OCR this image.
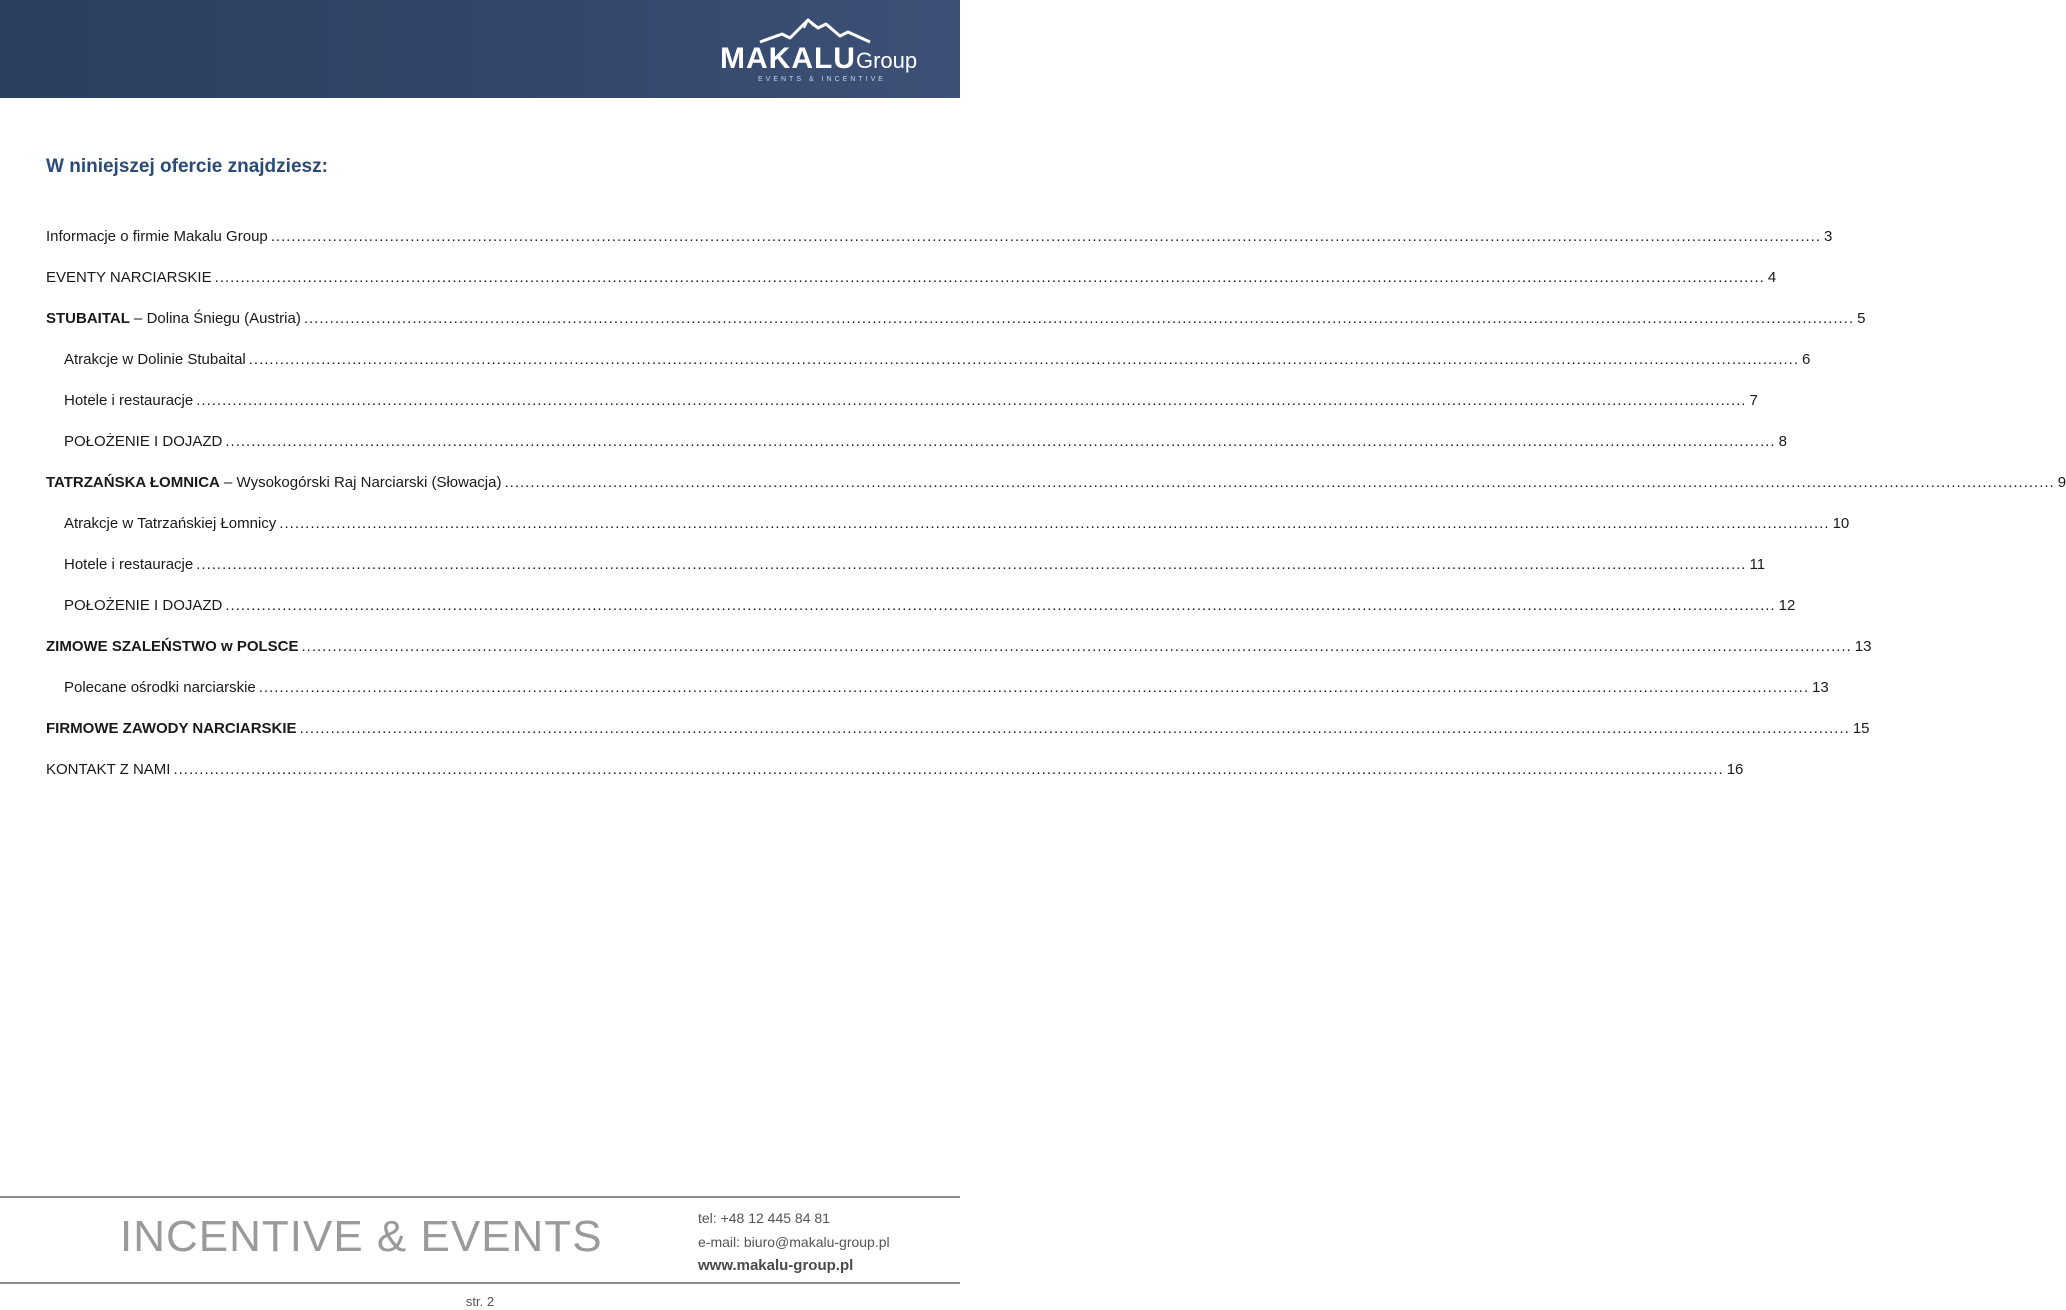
MAKALUGroup
EVENTS & INCENTIVE
W niniejszej ofercie znajdziesz:
Informacje o firmie Makalu Group ............................................................................................................................................................................................................................................................................................................ 3
EVENTY NARCIARSKIE ............................................................................................................................................................................................................................................................................................................ 4
STUBAITAL – Dolina Śniegu (Austria) ............................................................................................................................................................................................................................................................................................................ 5
Atrakcje w Dolinie Stubaital ............................................................................................................................................................................................................................................................................................................ 6
Hotele i restauracje ............................................................................................................................................................................................................................................................................................................ 7
POŁOŻENIE I DOJAZD ............................................................................................................................................................................................................................................................................................................ 8
TATRZAŃSKA ŁOMNICA – Wysokogórski Raj Narciarski (Słowacja) ............................................................................................................................................................................................................................................................................................................ 9
Atrakcje w Tatrzańskiej Łomnicy ............................................................................................................................................................................................................................................................................................................ 10
Hotele i restauracje ............................................................................................................................................................................................................................................................................................................ 11
POŁOŻENIE I DOJAZD ............................................................................................................................................................................................................................................................................................................ 12
ZIMOWE SZALEŃSTWO w POLSCE ............................................................................................................................................................................................................................................................................................................ 13
Polecane ośrodki narciarskie ............................................................................................................................................................................................................................................................................................................ 13
FIRMOWE ZAWODY NARCIARSKIE ............................................................................................................................................................................................................................................................................................................ 15
KONTAKT Z NAMI ............................................................................................................................................................................................................................................................................................................ 16
INCENTIVE & EVENTS	tel: +48 12 445 84 81
e-mail: biuro@makalu-group.pl
www.makalu-group.pl
str. 2
